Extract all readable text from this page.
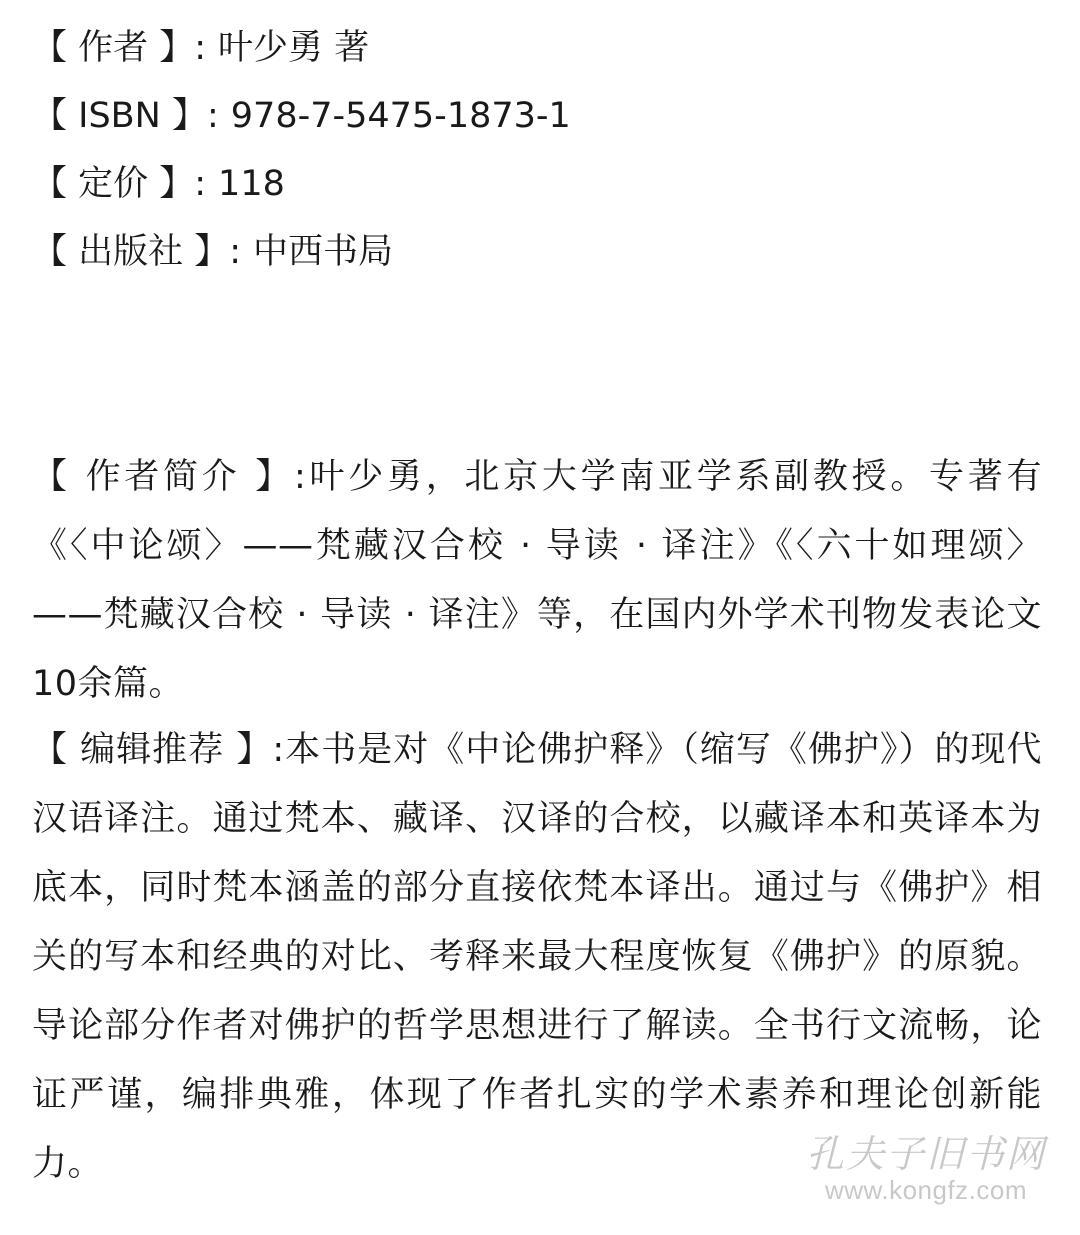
【 作者 】: 叶少勇 著
【 ISBN 】: 978-7-5475-1873-1
【 定价 】: 118
【 出版社 】: 中西书局
【 作者简介 】:叶少勇，北京大学南亚学系副教授。专著有《〈中论颂〉——梵藏汉合校 · 导读 · 译注》《〈六十如理颂〉——梵藏汉合校 · 导读 · 译注》等，在国内外学术刊物发表论文10余篇。
【 编辑推荐 】:本书是对《中论佛护释》（缩写《佛护》）的现代汉语译注。通过梵本、藏译、汉译的合校，以藏译本和英译本为底本，同时梵本涵盖的部分直接依梵本译出。通过与《佛护》相关的写本和经典的对比、考释来最大程度恢复《佛护》的原貌。导论部分作者对佛护的哲学思想进行了解读。全书行文流畅，论证严谨，编排典雅，体现了作者扎实的学术素养和理论创新能力。	孔夫子旧书网
www.kongfz.com
